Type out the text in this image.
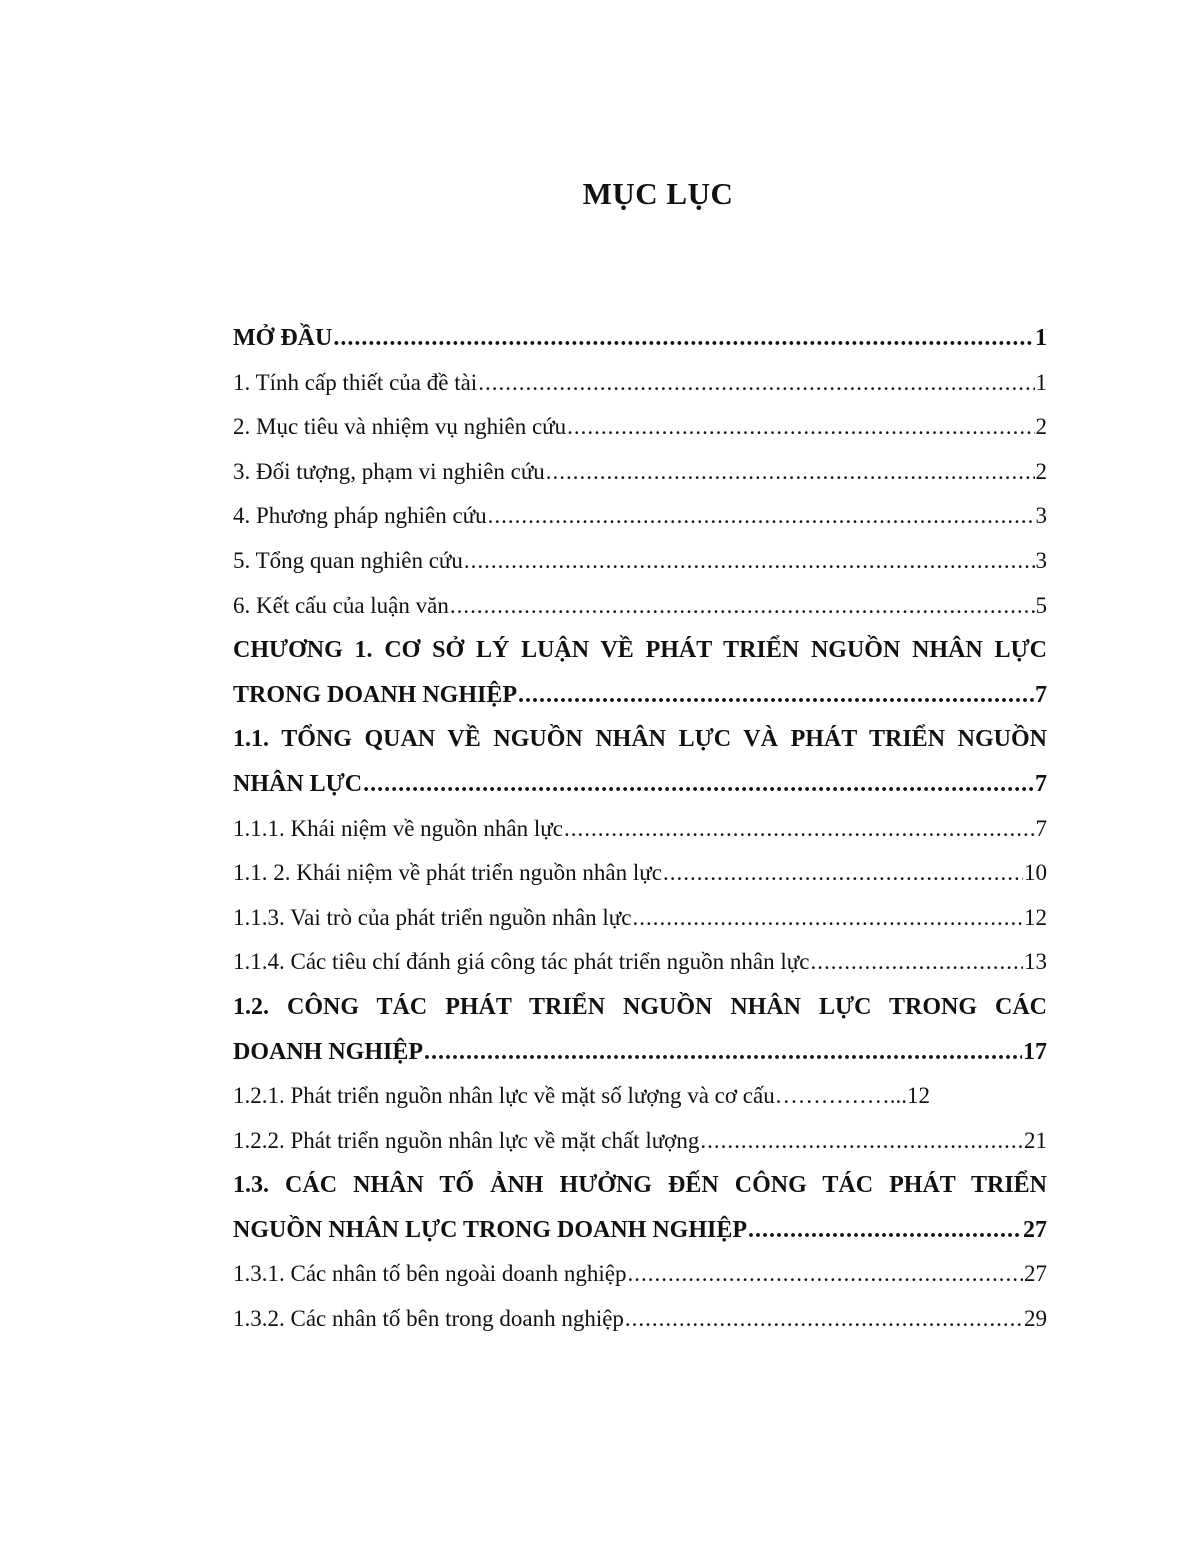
MỤC LỤC
MỞ ĐẦU .....	1
1. Tính cấp thiết của đề tài .....	1
2. Mục tiêu và nhiệm vụ nghiên cứu .....	2
3. Đối tượng, phạm vi nghiên cứu .....	2
4. Phương pháp nghiên cứu .....	3
5. Tổng quan nghiên cứu .....	3
6. Kết cấu của luận văn .....	5
CHƯƠNG 1. CƠ SỞ LÝ LUẬN VỀ PHÁT TRIỂN NGUỒN NHÂN LỰC
TRONG DOANH NGHIỆP .....	7
1.1. TỔNG QUAN VỀ NGUỒN NHÂN LỰC VÀ PHÁT TRIỂN NGUỒN
NHÂN LỰC .....	7
1.1.1. Khái niệm về nguồn nhân lực .....	7
1.1. 2. Khái niệm về phát triển nguồn nhân lực .....	10
1.1.3. Vai trò của phát triển nguồn nhân lực .....	12
1.1.4. Các tiêu chí đánh giá công tác phát triển nguồn nhân lực .....	13
1.2. CÔNG TÁC PHÁT TRIỂN NGUỒN NHÂN LỰC TRONG CÁC
DOANH NGHIỆP .....	17
1.2.1. Phát triển nguồn nhân lực về mặt số lượng và cơ cấu……………... 12
1.2.2. Phát triển nguồn nhân lực về mặt chất lượng .....	21
1.3. CÁC NHÂN TỐ ẢNH HƯỞNG ĐẾN CÔNG TÁC PHÁT TRIỂN
NGUỒN NHÂN LỰC TRONG DOANH NGHIỆP .....	27
1.3.1. Các nhân tố bên ngoài doanh nghiệp .....	27
1.3.2. Các nhân tố bên trong doanh nghiệp .....	29
